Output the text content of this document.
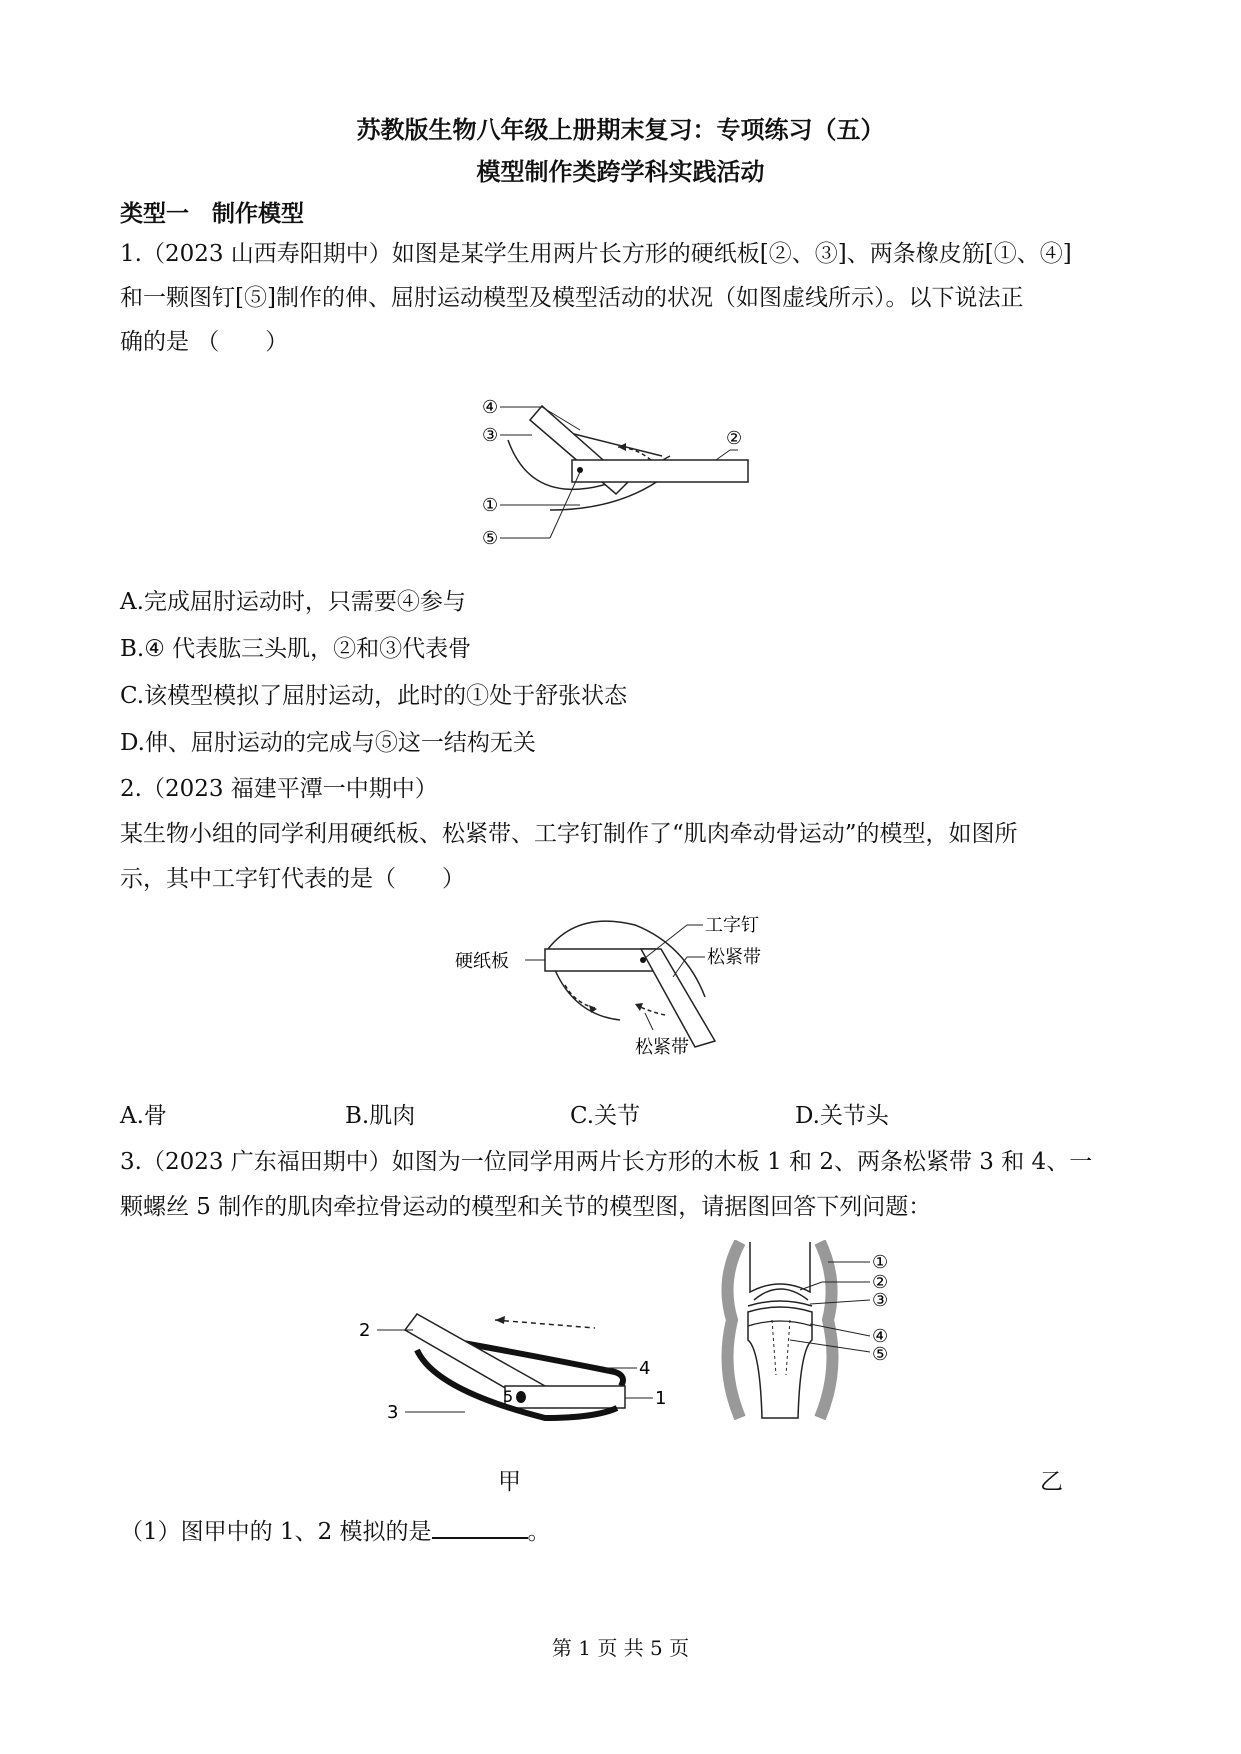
苏教版生物八年级上册期末复习：专项练习（五）
模型制作类跨学科实践活动
类型一　制作模型
1.（2023 山西寿阳期中）如图是某学生用两片长方形的硬纸板[②、③]、两条橡皮筋[①、④]
和一颗图钉[⑤]制作的伸、屈肘运动模型及模型活动的状况（如图虚线所示）。以下说法正
确的是 （　　）
④
③	②
①
⑤
A.完成屈肘运动时，只需要④参与
B.④ 代表肱三头肌，②和③代表骨
C.该模型模拟了屈肘运动，此时的①处于舒张状态
D.伸、屈肘运动的完成与⑤这一结构无关
2.（2023 福建平潭一中期中）
某生物小组的同学利用硬纸板、松紧带、工字钉制作了“肌肉牵动骨运动”的模型，如图所
示，其中工字钉代表的是（　　）
硬纸板
工字钉
松紧带
松紧带
A.骨	B.肌肉	C.关节	D.关节头
3.（2023 广东福田期中）如图为一位同学用两片长方形的木板 1 和 2、两条松紧带 3 和 4、一
颗螺丝 5 制作的肌肉牵拉骨运动的模型和关节的模型图，请据图回答下列问题：
2
4
5	1
3
①
②
③
④
⑤
甲	乙
（1）图甲中的 1、2 模拟的是	。
第 1 页 共 5 页
